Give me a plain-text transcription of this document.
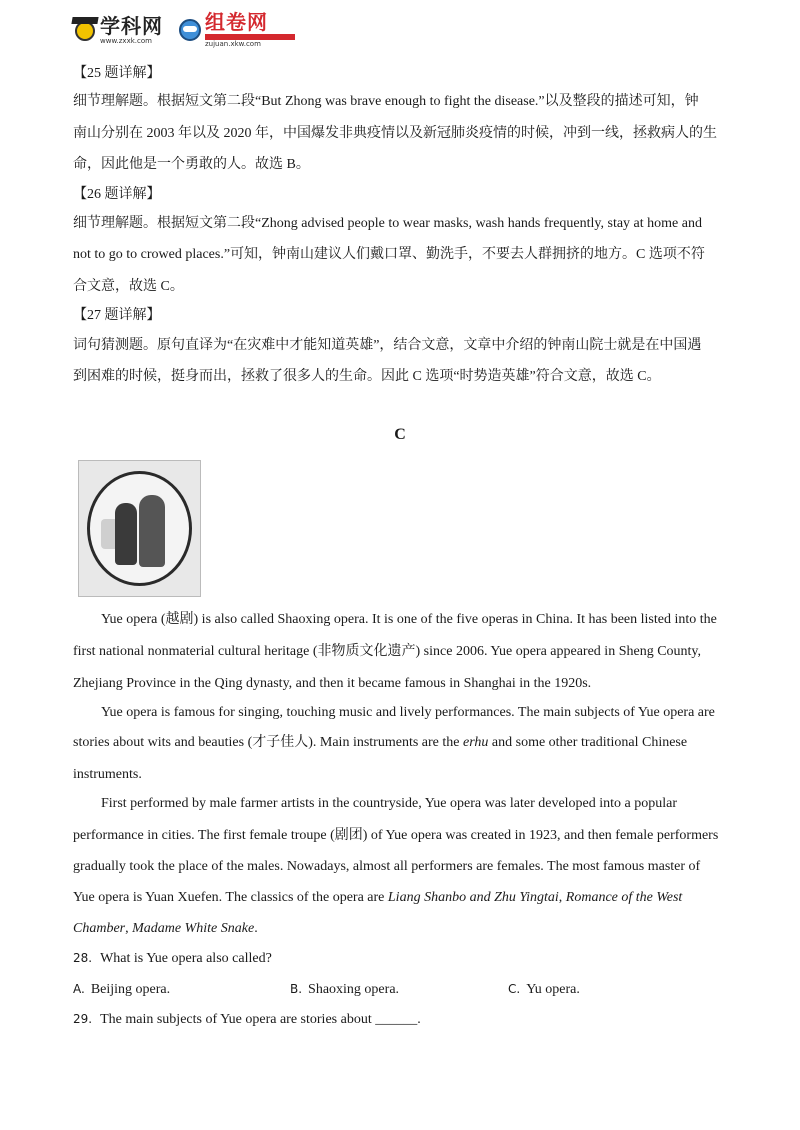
学科网
www.zxxk.com
组卷网
zujuan.xkw.com
【25 题详解】
细节理解题。根据短文第二段“But Zhong was brave enough to fight the disease.”以及整段的描述可知，钟
南山分别在 2003 年以及 2020 年，中国爆发非典疫情以及新冠肺炎疫情的时候，冲到一线，拯救病人的生
命，因此他是一个勇敢的人。故选 B。
【26 题详解】
细节理解题。根据短文第二段“Zhong advised people to wear masks, wash hands frequently, stay at home and
not to go to crowed places.”可知，钟南山建议人们戴口罩、勤洗手，不要去人群拥挤的地方。C 选项不符
合文意，故选 C。
【27 题详解】
词句猜测题。原句直译为“在灾难中才能知道英雄”，结合文意，文章中介绍的钟南山院士就是在中国遇
到困难的时候，挺身而出，拯救了很多人的生命。因此 C 选项“时势造英雄”符合文意，故选 C。
C
Yue opera (越剧) is also called Shaoxing opera. It is one of the five operas in China. It has been listed into the
first national nonmaterial cultural heritage (非物质文化遗产) since 2006. Yue opera appeared in Sheng County,
Zhejiang Province in the Qing dynasty, and then it became famous in Shanghai in the 1920s.
Yue opera is famous for singing, touching music and lively performances. The main subjects of Yue opera are
stories about wits and beauties (才子佳人). Main instruments are the erhu and some other traditional Chinese
instruments.
First performed by male farmer artists in the countryside, Yue opera was later developed into a popular
performance in cities. The first female troupe (剧团) of Yue opera was created in 1923, and then female performers
gradually took the place of the males. Nowadays, almost all performers are females. The most famous master of
Yue opera is Yuan Xuefen. The classics of the opera are Liang Shanbo and Zhu Yingtai, Romance of the West
Chamber, Madame White Snake.
28. What is Yue opera also called?
A. Beijing opera.	B. Shaoxing opera.	C. Yu opera.
29. The main subjects of Yue opera are stories about ______.
